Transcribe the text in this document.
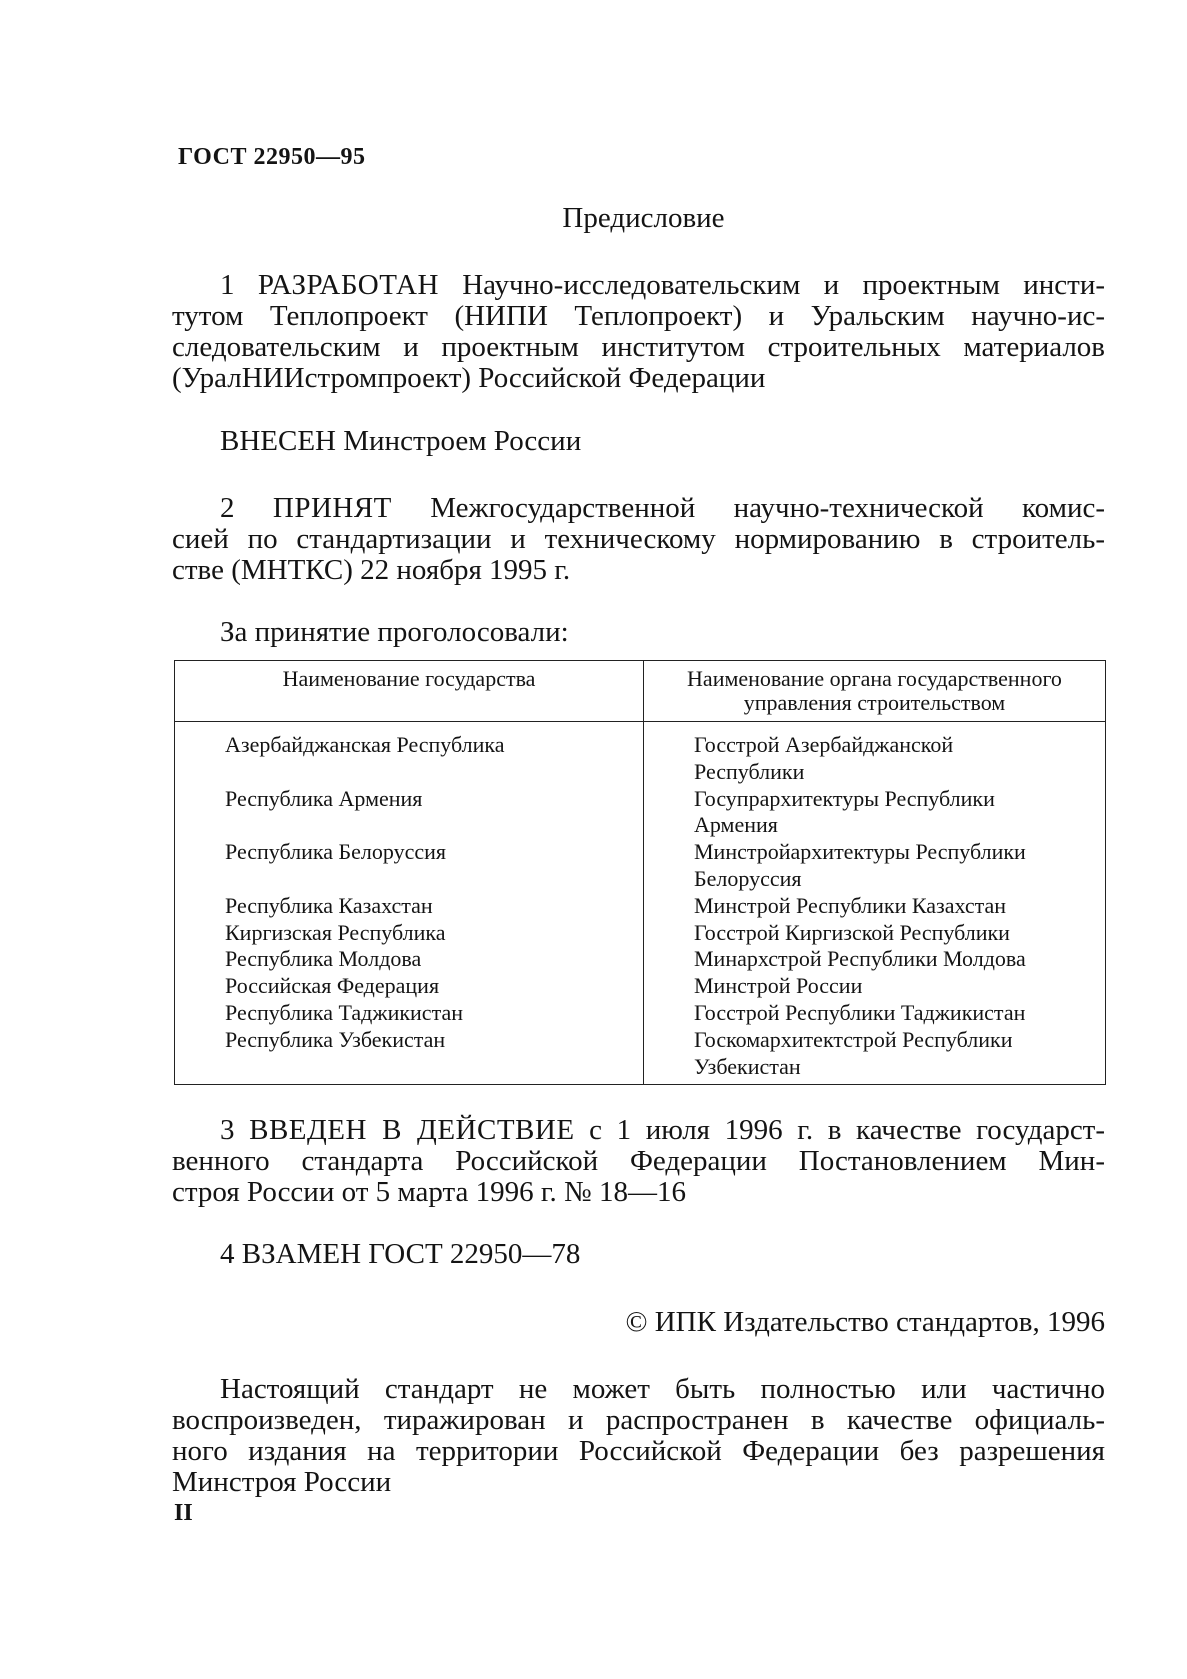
ГОСТ 22950—95
Предисловие
1 РАЗРАБОТАН Научно-исследовательским и проектным инсти-
тутом Теплопроект (НИПИ Теплопроект) и Уральским научно-ис-
следовательским и проектным институтом строительных материалов
(УралНИИстромпроект) Российской Федерации
ВНЕСЕН Минстроем России
2 ПРИНЯТ Межгосударственной научно-технической комис-
сией по стандартизации и техническому нормированию в строитель-
стве (МНТКС) 22 ноября 1995 г.
За принятие проголосовали:
Наименование государства	Наименование органа государственного
управления строительством
Азербайджанская Республика	Госстрой Азербайджанской
Республики
Республика Армения	Госупрархитектуры Республики
Армения
Республика Белоруссия	Минстройархитектуры Республики
Белоруссия
Республика Казахстан	Минстрой Республики Казахстан
Киргизская Республика	Госстрой Киргизской Республики
Республика Молдова	Минархстрой Республики Молдова
Российская Федерация	Минстрой России
Республика Таджикистан	Госстрой Республики Таджикистан
Республика Узбекистан	Госкомархитектстрой Республики
Узбекистан
3 ВВЕДЕН В ДЕЙСТВИЕ с 1 июля 1996 г. в качестве государст-
венного стандарта Российской Федерации Постановлением Мин-
строя России от 5 марта 1996 г. № 18—16
4 ВЗАМЕН ГОСТ 22950—78
© ИПК Издательство стандартов, 1996
Настоящий стандарт не может быть полностью или частично
воспроизведен, тиражирован и распространен в качестве официаль-
ного издания на территории Российской Федерации без разрешения
Минстроя России
II
